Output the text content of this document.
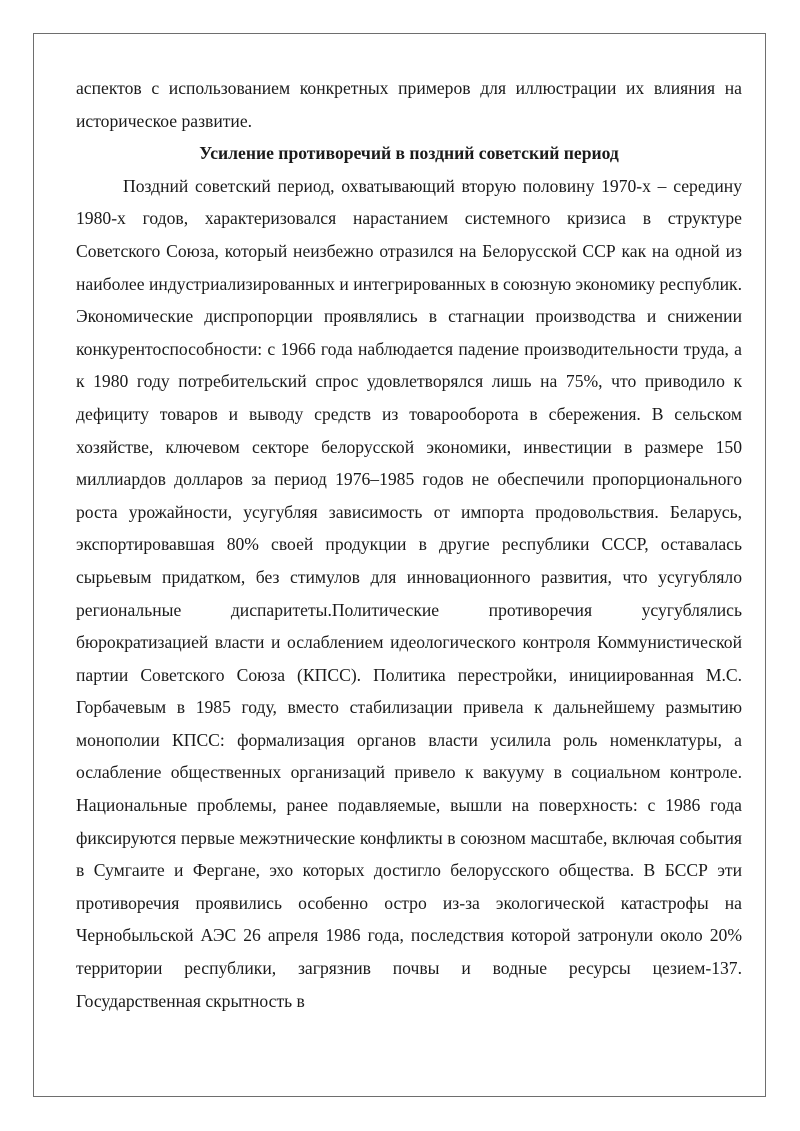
аспектов с использованием конкретных примеров для иллюстрации их влияния на историческое развитие.

Усиление противоречий в поздний советский период

Поздний советский период, охватывающий вторую половину 1970-х – середину 1980-х годов, характеризовался нарастанием системного кризиса в структуре Советского Союза, который неизбежно отразился на Белорусской ССР как на одной из наиболее индустриализированных и интегрированных в союзную экономику республик. Экономические диспропорции проявлялись в стагнации производства и снижении конкурентоспособности: с 1966 года наблюдается падение производительности труда, а к 1980 году потребительский спрос удовлетворялся лишь на 75%, что приводило к дефициту товаров и выводу средств из товарооборота в сбережения. В сельском хозяйстве, ключевом секторе белорусской экономики, инвестиции в размере 150 миллиардов долларов за период 1976–1985 годов не обеспечили пропорционального роста урожайности, усугубляя зависимость от импорта продовольствия. Беларусь, экспортировавшая 80% своей продукции в другие республики СССР, оставалась сырьевым придатком, без стимулов для инновационного развития, что усугубляло региональные диспаритеты.Политические противоречия усугублялись бюрократизацией власти и ослаблением идеологического контроля Коммунистической партии Советского Союза (КПСС). Политика перестройки, инициированная М.С. Горбачевым в 1985 году, вместо стабилизации привела к дальнейшему размытию монополии КПСС: формализация органов власти усилила роль номенклатуры, а ослабление общественных организаций привело к вакууму в социальном контроле. Национальные проблемы, ранее подавляемые, вышли на поверхность: с 1986 года фиксируются первые межэтнические конфликты в союзном масштабе, включая события в Сумгаите и Фергане, эхо которых достигло белорусского общества. В БССР эти противоречия проявились особенно остро из-за экологической катастрофы на Чернобыльской АЭС 26 апреля 1986 года, последствия которой затронули около 20% территории республики, загрязнив почвы и водные ресурсы цезием-137. Государственная скрытность в
